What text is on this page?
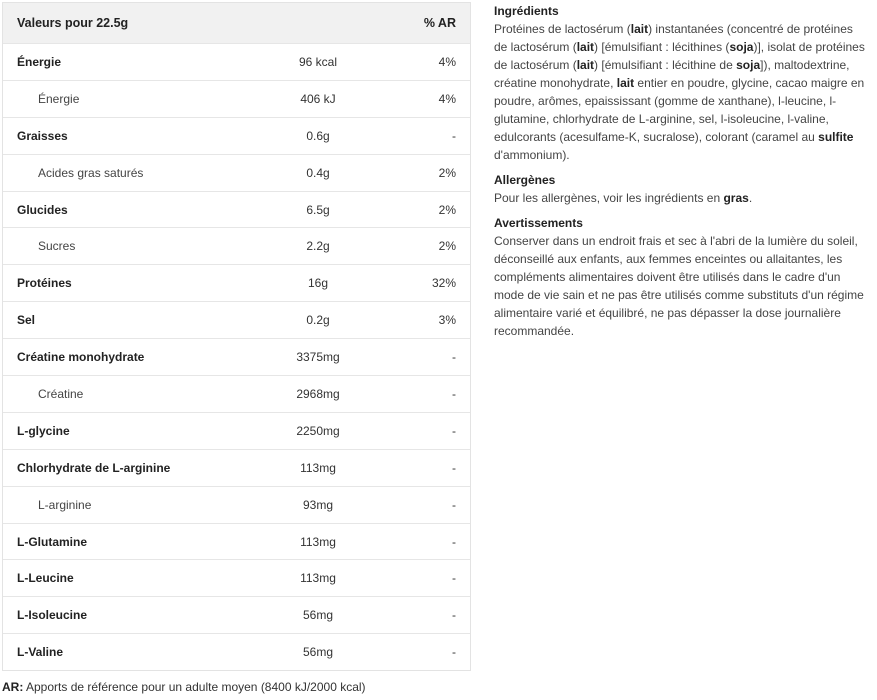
Valeurs pour 22.5g	% AR
Énergie	96 kcal	4%
Énergie	406 kJ	4%
Graisses	0.6g	-
Acides gras saturés	0.4g	2%
Glucides	6.5g	2%
Sucres	2.2g	2%
Protéines	16g	32%
Sel	0.2g	3%
Créatine monohydrate	3375mg	-
Créatine	2968mg	-
L-glycine	2250mg	-
Chlorhydrate de L-arginine	113mg	-
L-arginine	93mg	-
L-Glutamine	113mg	-
L-Leucine	113mg	-
L-Isoleucine	56mg	-
L-Valine	56mg	-
AR: Apports de référence pour un adulte moyen (8400 kJ/2000 kcal)
Ingrédients

Protéines de lactosérum (lait) instantanées (concentré de protéines de lactosérum (lait) [émulsifiant : lécithines (soja)], isolat de protéines de lactosérum (lait) [émulsifiant : lécithine de soja]), maltodextrine, créatine monohydrate, lait entier en poudre, glycine, cacao maigre en poudre, arômes, epaississant (gomme de xanthane), l-leucine, l-glutamine, chlorhydrate de L-arginine, sel, l-isoleucine, l-valine, edulcorants (acesulfame-K, sucralose), colorant (caramel au sulfite d'ammonium).

Allergènes

Pour les allergènes, voir les ingrédients en gras.

Avertissements

Conserver dans un endroit frais et sec à l'abri de la lumière du soleil, déconseillé aux enfants, aux femmes enceintes ou allaitantes, les compléments alimentaires doivent être utilisés dans le cadre d'un mode de vie sain et ne pas être utilisés comme substituts d'un régime alimentaire varié et équilibré, ne pas dépasser la dose journalière recommandée.
